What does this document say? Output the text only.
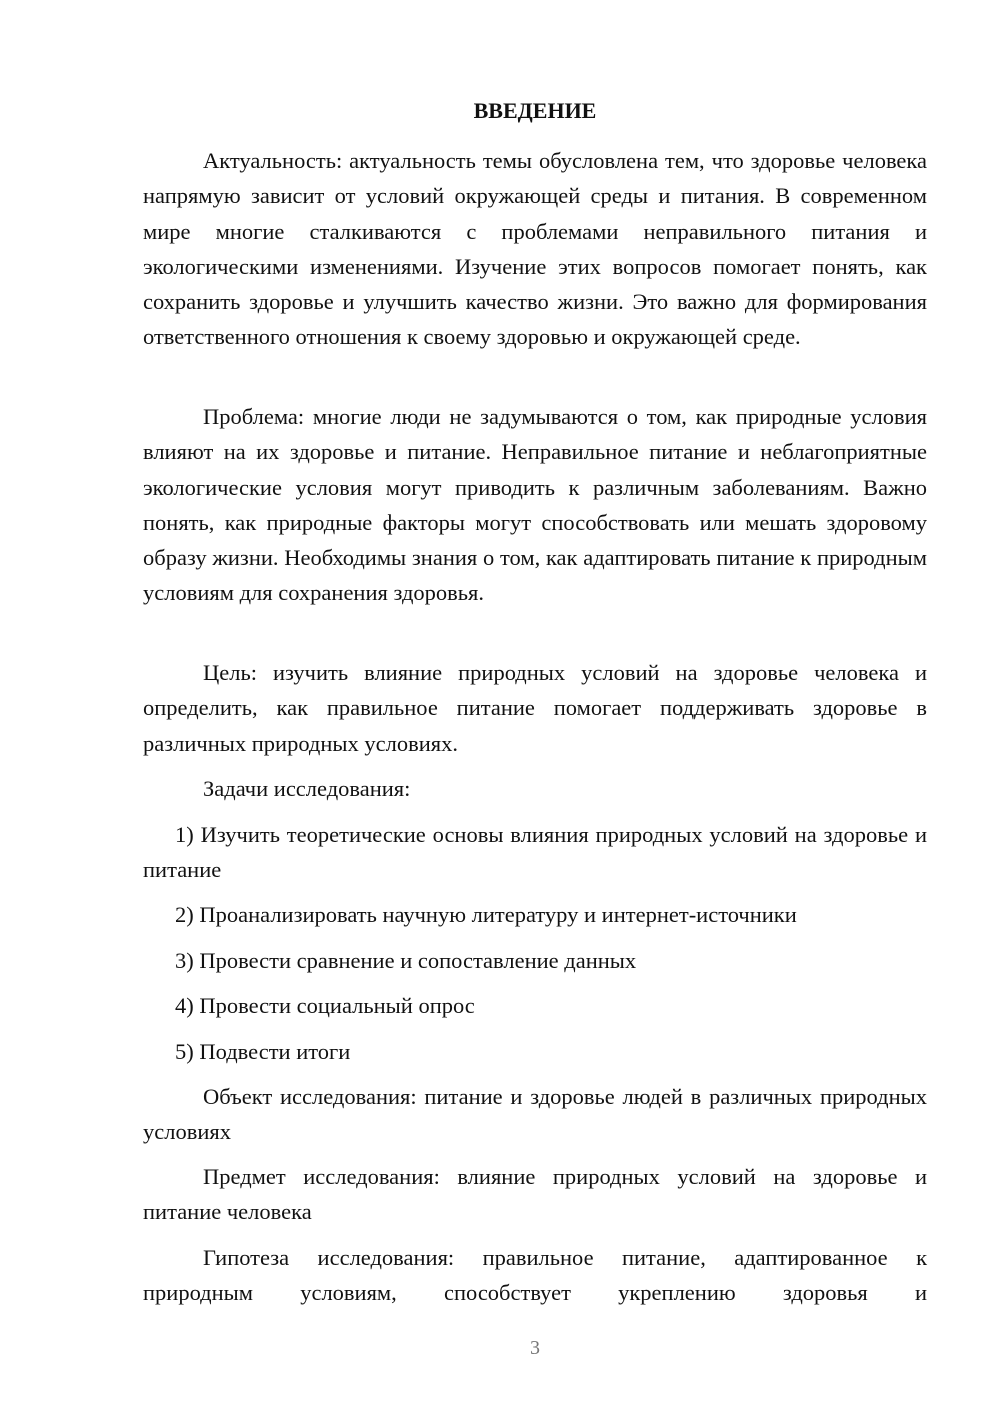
ВВЕДЕНИЕ

Актуальность: актуальность темы обусловлена тем, что здоровье человека напрямую зависит от условий окружающей среды и питания. В современном мире многие сталкиваются с проблемами неправильного питания и экологическими изменениями. Изучение этих вопросов помогает понять, как сохранить здоровье и улучшить качество жизни. Это важно для формирования ответственного отношения к своему здоровью и окружающей среде.

Проблема: многие люди не задумываются о том, как природные условия влияют на их здоровье и питание. Неправильное питание и неблагоприятные экологические условия могут приводить к различным заболеваниям. Важно понять, как природные факторы могут способствовать или мешать здоровому образу жизни. Необходимы знания о том, как адаптировать питание к природным условиям для сохранения здоровья.

Цель: изучить влияние природных условий на здоровье человека и определить, как правильное питание помогает поддерживать здоровье в различных природных условиях.

Задачи исследования:

1) Изучить теоретические основы влияния природных условий на здоровье и питание

2) Проанализировать научную литературу и интернет-источники

3) Провести сравнение и сопоставление данных

4) Провести социальный опрос

5) Подвести итоги

Объект исследования: питание и здоровье людей в различных природных условиях

Предмет исследования: влияние природных условий на здоровье и питание человека

Гипотеза исследования: правильное питание, адаптированное к природным условиям, способствует укреплению здоровья и

3
